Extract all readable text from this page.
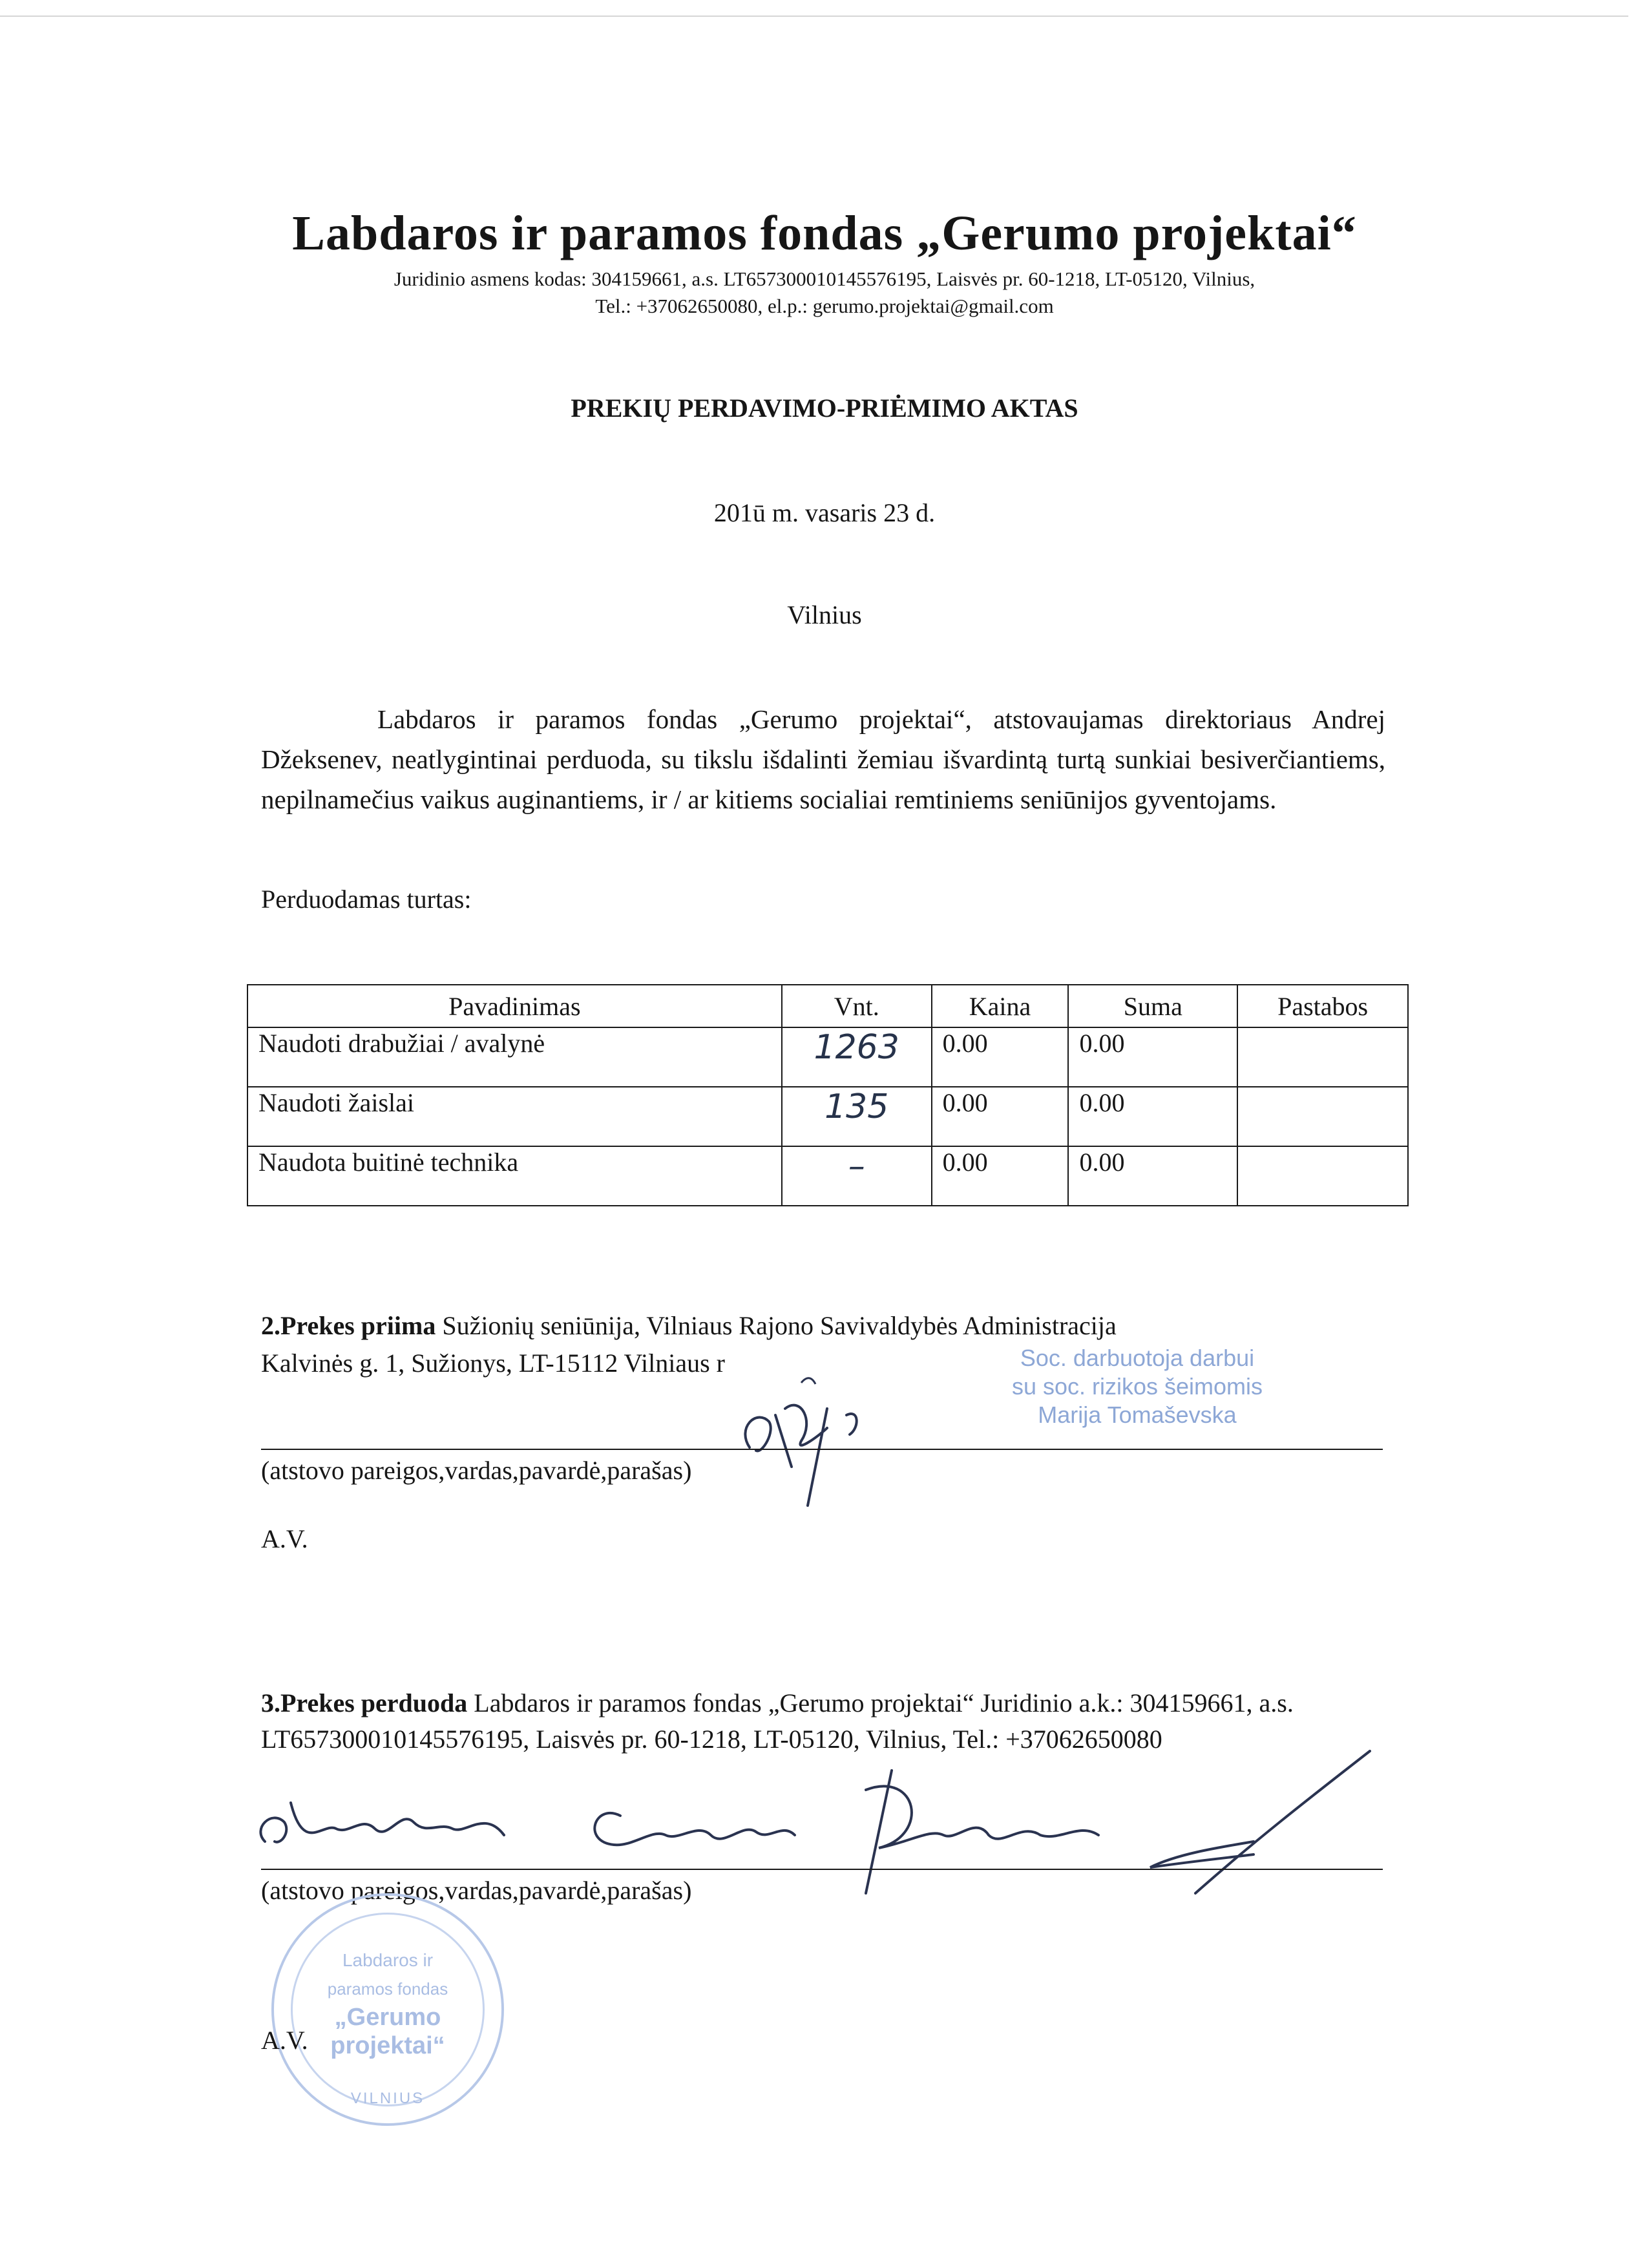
Labdaros ir paramos fondas „Gerumo projektai“
Juridinio asmens kodas: 304159661, a.s. LT657300010145576195, Laisvės pr. 60-1218, LT-05120, Vilnius,
Tel.: +37062650080, el.p.: gerumo.projektai@gmail.com
PREKIŲ PERDAVIMO-PRIĖMIMO AKTAS
201ū m. vasaris 23 d.
Vilnius

Labdaros ir paramos fondas „Gerumo projektai“, atstovaujamas direktoriaus Andrej Džeksenev, neatlygintinai perduoda, su tikslu išdalinti žemiau išvardintą turtą sunkiai besiverčiantiems, nepilnamečius vaikus auginantiems, ir / ar kitiems socialiai remtiniems seniūnijos gyventojams.

Perduodamas turtas:
Pavadinimas	Vnt.	Kaina	Suma	Pastabos
Naudoti drabužiai / avalynė	1263	0.00	0.00	
Naudoti žaislai	135	0.00	0.00	
Naudota buitinė technika	–	0.00	0.00	
2.Prekes priima Sužionių seniūnija, Vilniaus Rajono Savivaldybės Administracija
Kalvinės g. 1, Sužionys, LT-15112 Vilniaus r	Soc. darbuotoja darbui
su soc. rizikos šeimomis
Marija Tomaševska
(atstovo pareigos,vardas,pavardė,parašas)
A.V.
3.Prekes perduoda Labdaros ir paramos fondas „Gerumo projektai“ Juridinio a.k.: 304159661, a.s. LT657300010145576195, Laisvės pr. 60-1218, LT-05120, Vilnius, Tel.: +37062650080
(atstovo pareigos,vardas,pavardė,parašas)
A.V.
Labdaros ir
paramos fondas
„Gerumo
projektai“
VILNIUS
